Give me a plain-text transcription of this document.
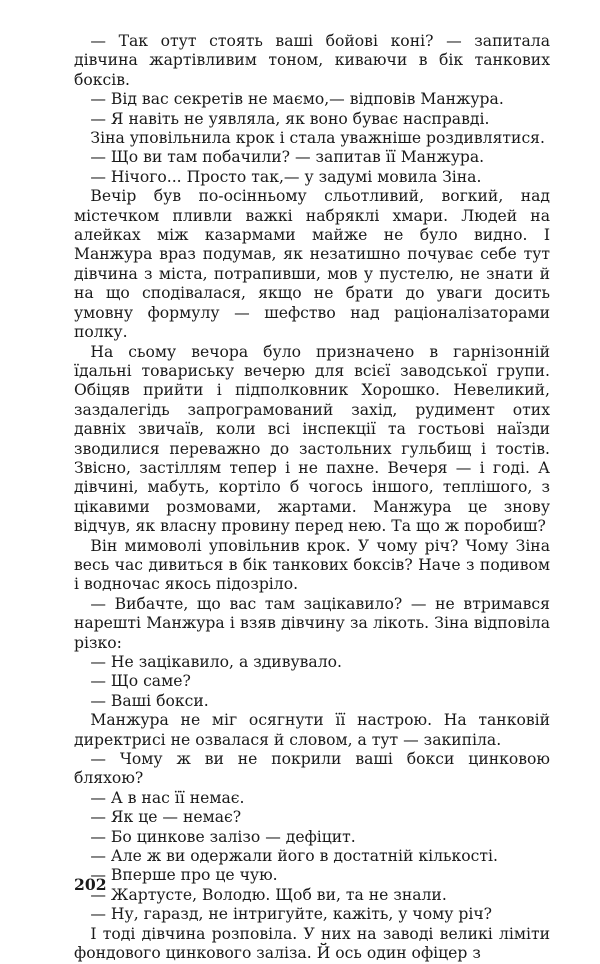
— Так отут стоять ваші бойові коні? — запитала дівчина жартівливим тоном, киваючи в бік танкових боксів.

— Від вас секретів не маємо,— відповів Манжура.

— Я навіть не уявляла, як воно буває насправді.

Зіна уповільнила крок і стала уважніше роздивлятися.

— Що ви там побачили? — запитав її Манжура.

— Нічого... Просто так,— у задумі мовила Зіна.

Вечір був по-осінньому сльотливий, вогкий, над містечком пливли важкі набряклі хмари. Людей на алейках між казармами майже не було видно. І Манжура враз подумав, як незатишно почуває себе тут дівчина з міста, потрапивши, мов у пустелю, не знати й на що сподівалася, якщо не брати до уваги досить умовну формулу — шефство над раціоналізаторами полку.

На сьому вечора було призначено в гарнізонній їдальні товариську вечерю для всієї заводської групи. Обіцяв прийти і підполковник Хорошко. Невеликий, заздалегідь запрограмований захід, рудимент отих давніх звичаїв, коли всі інспекції та гостьові наїзди зводилися переважно до застольних гульбищ і тостів. Звісно, застіллям тепер і не пахне. Вечеря — і годі. А дівчині, мабуть, кортіло б чогось іншого, теплішого, з цікавими розмовами, жартами. Манжура це знову відчув, як власну провину перед нею. Та що ж поробиш?

Він мимоволі уповільнив крок. У чому річ? Чому Зіна весь час дивиться в бік танкових боксів? Наче з подивом і водночас якось підозріло.

— Вибачте, що вас там зацікавило? — не втримався нарешті Манжура і взяв дівчину за лікоть. Зіна відповіла різко:

— Не зацікавило, а здивувало.

— Що саме?

— Ваші бокси.

Манжура не міг осягнути її настрою. На танковій директрисі не озвалася й словом, а тут — закипіла.

— Чому ж ви не покрили ваші бокси цинковою бляхою?

— А в нас її немає.

— Як це — немає?

— Бо цинкове залізо — дефіцит.

— Але ж ви одержали його в достатній кількості.

— Вперше про це чую.

— Жартусте, Володю. Щоб ви, та не знали.

— Ну, гаразд, не інтригуйте, кажіть, у чому річ?

І тоді дівчина розповіла. У них на заводі великі ліміти фондового цинкового заліза. Й ось один офіцер з

202
